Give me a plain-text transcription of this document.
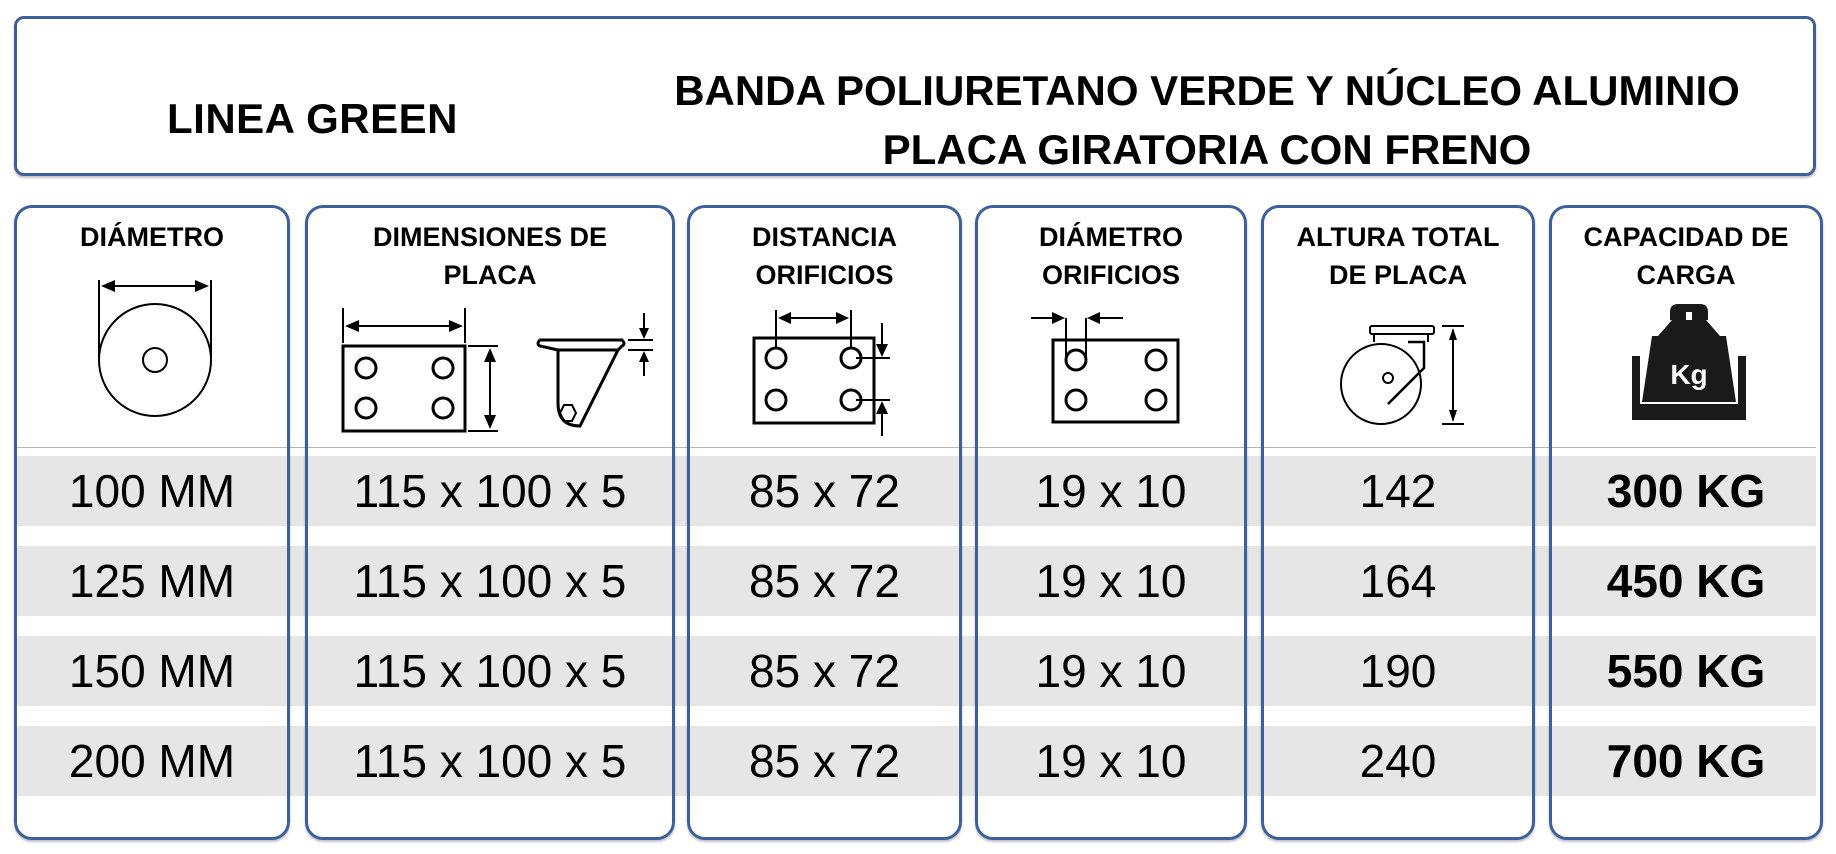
LINEA GREEN
BANDA POLIURETANO VERDE Y NÚCLEO ALUMINIO
PLACA GIRATORIA CON FRENO
DIÁMETRO
100 MM
125 MM
150 MM
200 MM
DIMENSIONES DE
PLACA
115 x 100 x 5
115 x 100 x 5
115 x 100 x 5
115 x 100 x 5
DISTANCIA
ORIFICIOS
85 x 72
85 x 72
85 x 72
85 x 72
DIÁMETRO
ORIFICIOS
19 x 10
19 x 10
19 x 10
19 x 10
ALTURA TOTAL
DE PLACA
142
164
190
240
CAPACIDAD DE
CARGA
Kg
300 KG
450 KG
550 KG
700 KG
